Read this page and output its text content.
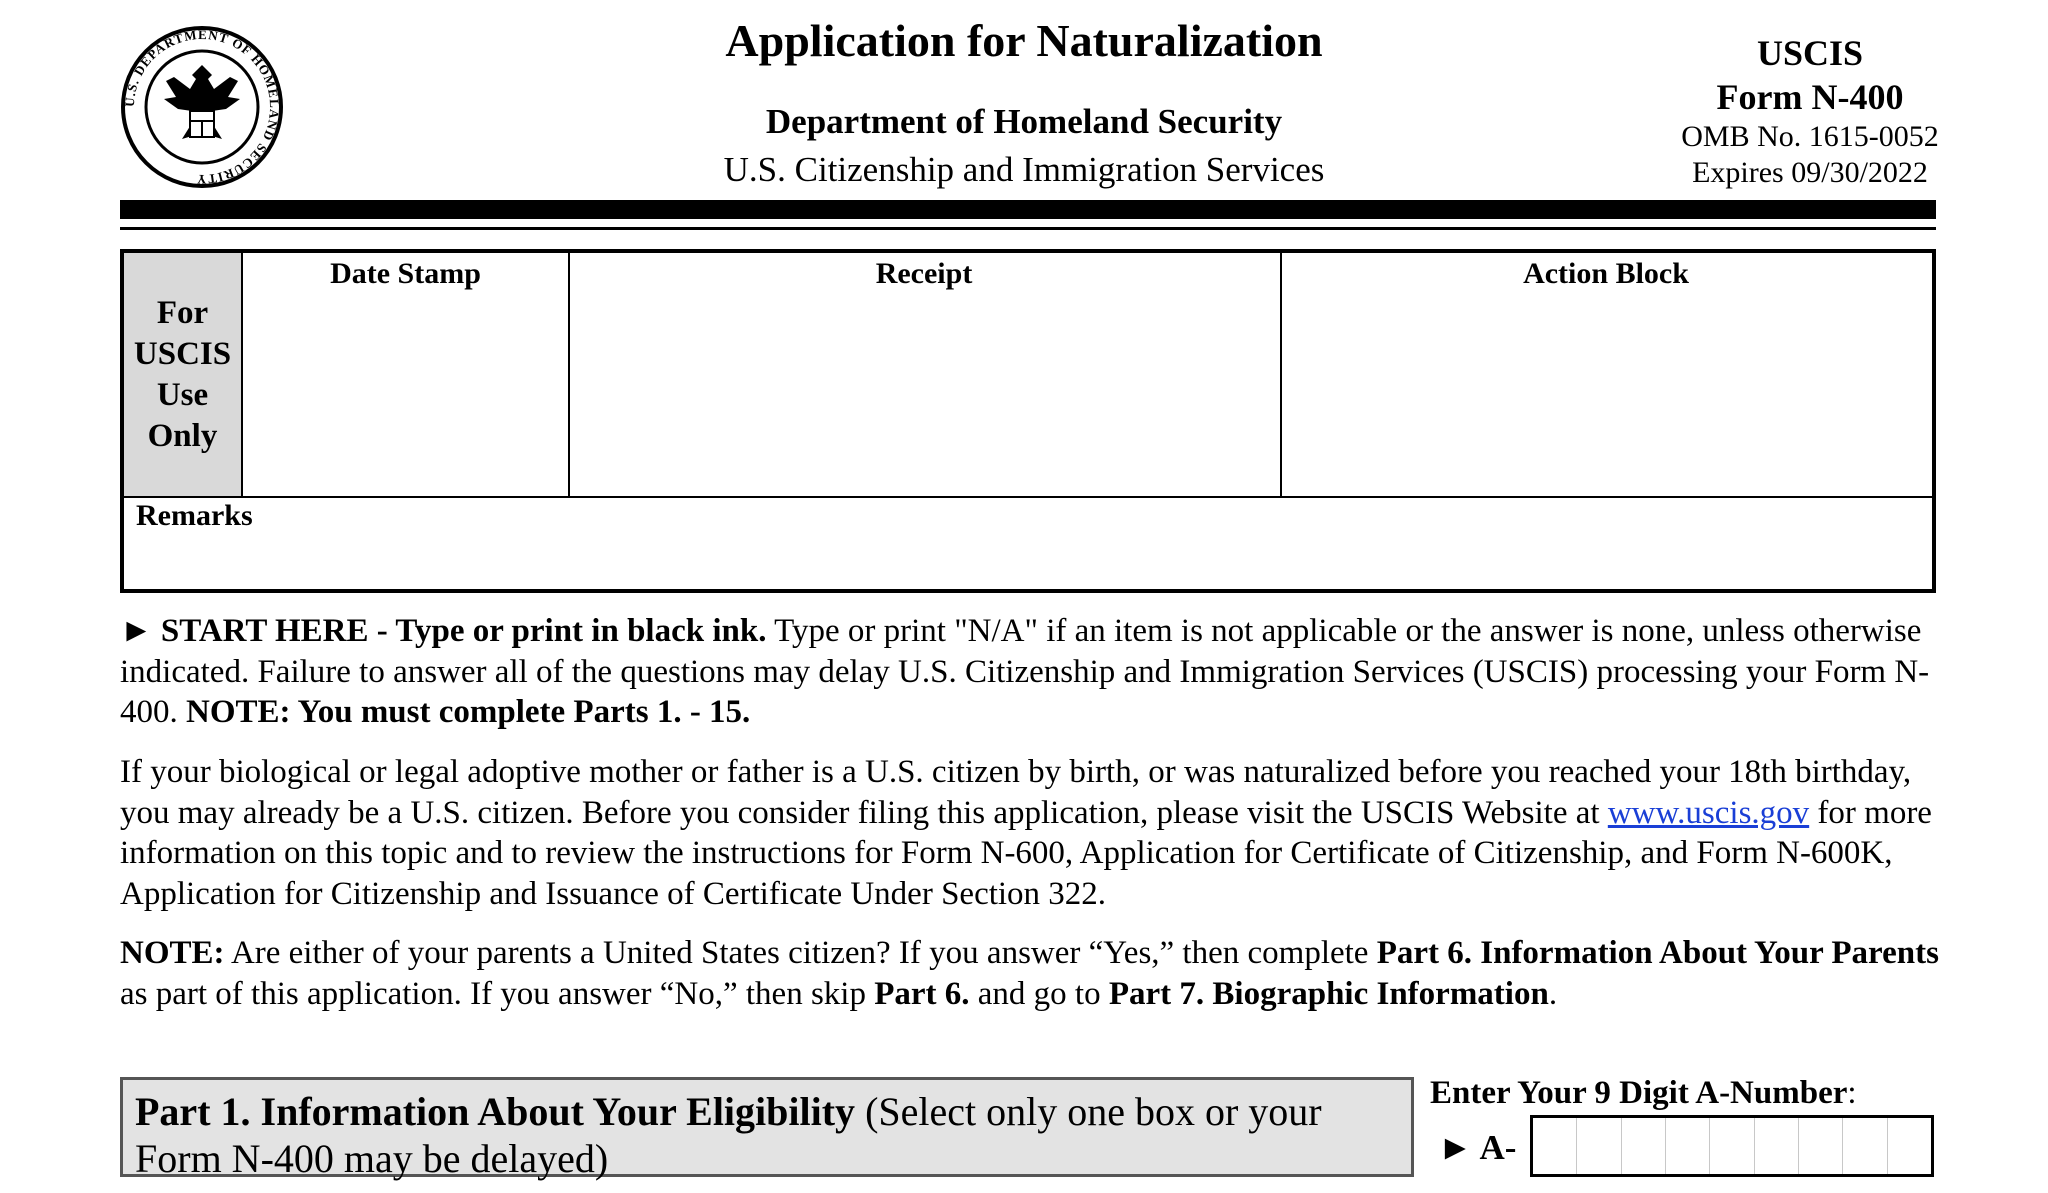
U.S. DEPARTMENT OF HOMELAND SECURITY
Application for Naturalization
Department of Homeland Security
U.S. Citizenship and Immigration Services
USCIS
Form N-400
OMB No. 1615-0052
Expires 09/30/2022
For
USCIS
Use
Only
Date Stamp	Receipt	Action Block
Remarks
► START HERE - Type or print in black ink. Type or print "N/A" if an item is not applicable or the answer is none, unless otherwise indicated. Failure to answer all of the questions may delay U.S. Citizenship and Immigration Services (USCIS) processing your Form N-400. NOTE: You must complete Parts 1. - 15.
If your biological or legal adoptive mother or father is a U.S. citizen by birth, or was naturalized before you reached your 18th birthday, you may already be a U.S. citizen. Before you consider filing this application, please visit the USCIS Website at www.uscis.gov for more information on this topic and to review the instructions for Form N-600, Application for Certificate of Citizenship, and Form N-600K, Application for Citizenship and Issuance of Certificate Under Section 322.
NOTE: Are either of your parents a United States citizen? If you answer “Yes,” then complete Part 6. Information About Your Parents as part of this application. If you answer “No,” then skip Part 6. and go to Part 7. Biographic Information.
Part 1. Information About Your Eligibility (Select only one box or your Form N-400 may be delayed)
Enter Your 9 Digit A-Number:
► A-
